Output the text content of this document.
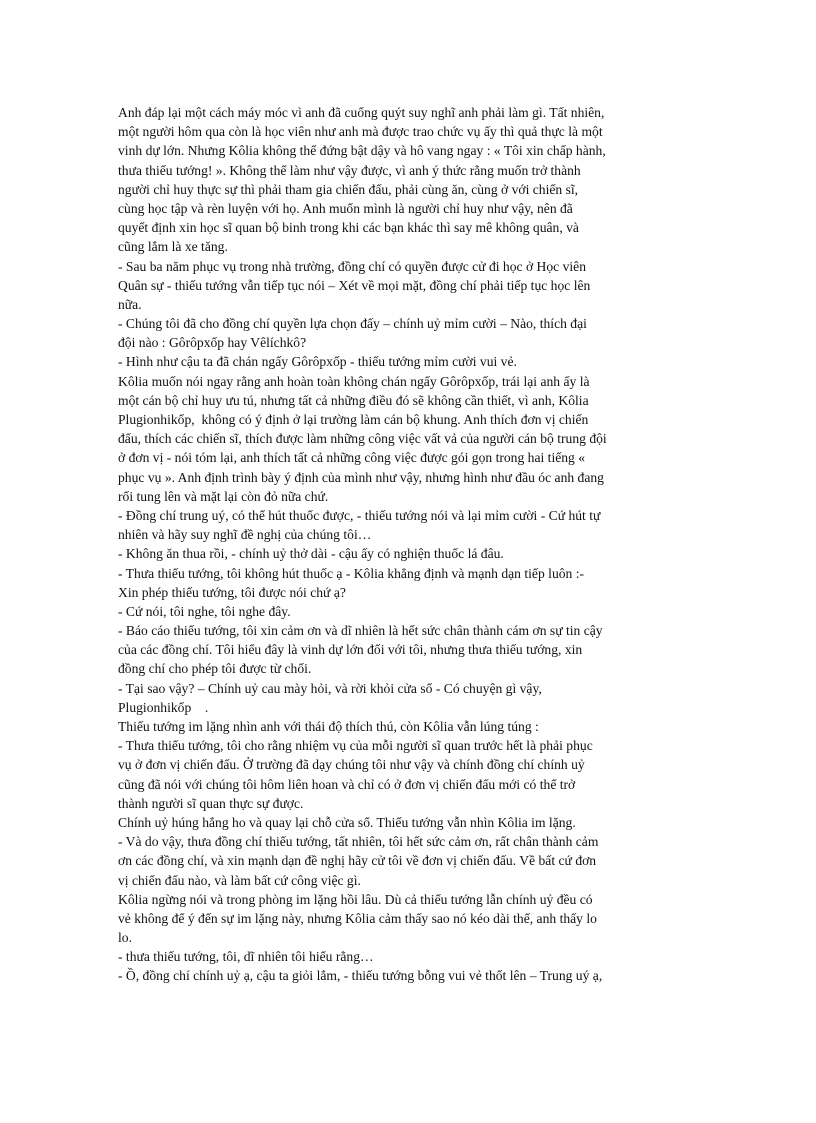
Anh đáp lại một cách máy móc vì anh đã cuống quýt suy nghĩ anh phải làm gì. Tất nhiên,
một người hôm qua còn là học viên như anh mà được trao chức vụ ấy thì quả thực là một
vinh dự lớn. Nhưng Kôlia không thể đứng bật dậy và hô vang ngay : « Tôi xin chấp hành,
thưa thiếu tướng! ». Không thể làm như vậy được, vì anh ý thức rằng muốn trở thành
người chỉ huy thực sự thì phải tham gia chiến đấu, phải cùng ăn, cùng ở với chiến sĩ,
cùng học tập và rèn luyện với họ. Anh muốn mình là người chỉ huy như vậy, nên đã
quyết định xin học sĩ quan bộ binh trong khi các bạn khác thì say mê không quân, và
cũng lắm là xe tăng.
- Sau ba năm phục vụ trong nhà trường, đồng chí có quyền được cử đi học ở Học viên
Quân sự - thiếu tướng vẫn tiếp tục nói – Xét về mọi mặt, đồng chí phải tiếp tục học lên
nữa.
- Chúng tôi đã cho đồng chí quyền lựa chọn đấy – chính uỷ mỉm cười – Nào, thích đại
đội nào : Gôrôpxốp hay Vêlíchkô?
- Hình như cậu ta đã chán ngấy Gôrôpxốp - thiếu tướng mỉm cười vui vẻ.
Kôlia muốn nói ngay rằng anh hoàn toàn không chán ngấy Gôrôpxốp, trái lại anh ấy là
một cán bộ chỉ huy ưu tú, nhưng tất cả những điều đó sẽ không cần thiết, vì anh, Kôlia
Plugionhikốp,  không có ý định ở lại trường làm cán bộ khung. Anh thích đơn vị chiến
đấu, thích các chiến sĩ, thích được làm những công việc vất vả của người cán bộ trung đội
ở đơn vị - nói tóm lại, anh thích tất cả những công việc được gói gọn trong hai tiếng «
phục vụ ». Anh định trình bày ý định của mình như vậy, nhưng hình như đầu óc anh đang
rối tung lên và mặt lại còn đỏ nữa chứ.
- Đồng chí trung uý, có thể hút thuốc được, - thiếu tướng nói và lại mỉm cười - Cứ hút tự
nhiên và hãy suy nghĩ đề nghị của chúng tôi…
- Không ăn thua rồi, - chính uỷ thở dài - cậu ấy có nghiện thuốc lá đâu.
- Thưa thiếu tướng, tôi không hút thuốc ạ - Kôlia khẳng định và mạnh dạn tiếp luôn :-
Xin phép thiếu tướng, tôi được nói chứ ạ?
- Cứ nói, tôi nghe, tôi nghe đây.
- Báo cáo thiếu tướng, tôi xin cảm ơn và dĩ nhiên là hết sức chân thành cám ơn sự tin cậy
của các đồng chí. Tôi hiểu đây là vinh dự lớn đối với tôi, nhưng thưa thiếu tướng, xin
đồng chí cho phép tôi được từ chối.
- Tại sao vậy? – Chính uỷ cau mày hỏi, và rời khỏi cửa sổ - Có chuyện gì vậy,
Plugionhikốp    .
Thiếu tướng im lặng nhìn anh với thái độ thích thú, còn Kôlia vẫn lúng túng :
- Thưa thiếu tướng, tôi cho rằng nhiệm vụ của mỗi người sĩ quan trước hết là phải phục
vụ ở đơn vị chiến đấu. Ở trường đã dạy chúng tôi như vậy và chính đồng chí chính uỷ
cũng đã nói với chúng tôi hôm liên hoan và chỉ có ở đơn vị chiến đấu mới có thể trở
thành người sĩ quan thực sự được.
Chính uỷ húng hắng ho và quay lại chỗ cửa sổ. Thiếu tướng vẫn nhìn Kôlia im lặng.
- Và do vậy, thưa đồng chí thiếu tướng, tất nhiên, tôi hết sức cảm ơn, rất chân thành cảm
ơn các đồng chí, và xin mạnh dạn đề nghị hãy cử tôi về đơn vị chiến đấu. Về bất cứ đơn
vị chiến đấu nào, và làm bất cứ công việc gì.
Kôlia ngừng nói và trong phòng im lặng hồi lâu. Dù cả thiếu tướng lẫn chính uỷ đều có
vẻ không để ý đến sự im lặng này, nhưng Kôlia cảm thấy sao nó kéo dài thế, anh thấy lo
lo.
- thưa thiếu tướng, tôi, dĩ nhiên tôi hiểu rằng…
- Ồ, đồng chí chính uỷ ạ, cậu ta giỏi lắm, - thiếu tướng bỗng vui vẻ thốt lên – Trung uý ạ,
